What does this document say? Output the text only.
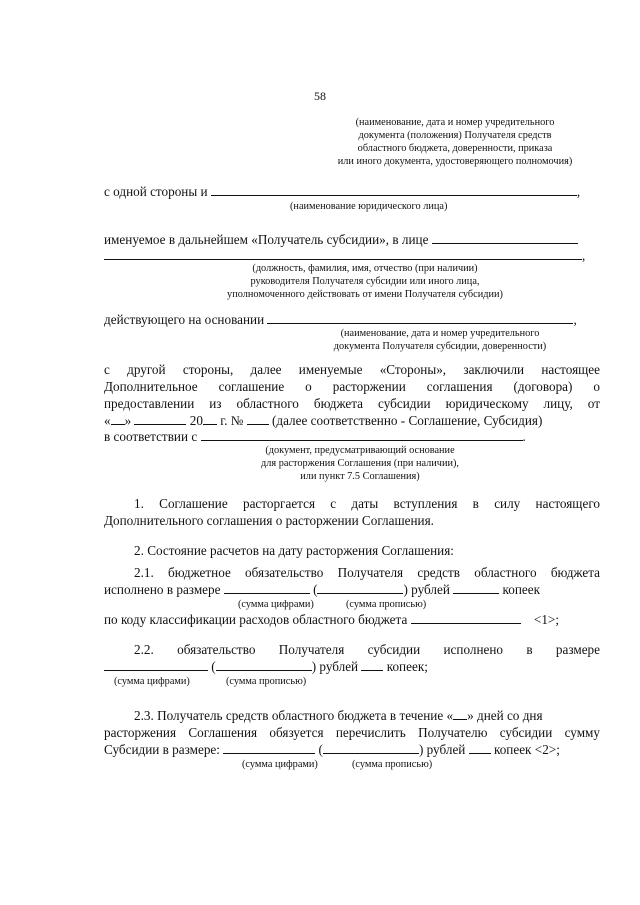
58
(наименование, дата и номер учредительного
документа (положения) Получателя средств
областного бюджета, доверенности, приказа
или иного документа, удостоверяющего полномочия)
с одной стороны и	,
(наименование юридического лица)
именуемое в дальнейшем «Получатель субсидии», в лице
,
(должность, фамилия, имя, отчество (при наличии)
руководителя Получателя субсидии или иного лица,
уполномоченного действовать от имени Получателя субсидии)
действующего на основании	,
(наименование, дата и номер учредительного
документа Получателя субсидии, доверенности)
с другой стороны, далее именуемые «Стороны», заключили настоящее
Дополнительное соглашение о расторжении соглашения (договора) о
предоставлении из областного бюджета субсидии юридическому лицу, от
« »	20 г. № (далее соответственно - Соглашение, Субсидия)
в соответствии с	.
(документ, предусматривающий основание
для расторжения Соглашения (при наличии),
или пункт 7.5 Соглашения)
1. Соглашение расторгается с даты вступления в силу настоящего
Дополнительного соглашения о расторжении Соглашения.
2. Состояние расчетов на дату расторжения Соглашения:
2.1. бюджетное обязательство Получателя средств областного бюджета
исполнено в размере	(	) рублей	копеек
(сумма цифрами)	(сумма прописью)
по коду классификации расходов областного бюджета	<1>;
2.2. обязательство Получателя субсидии исполнено в размере
(	) рублей копеек;
(сумма цифрами)	(сумма прописью)
2.3. Получатель средств областного бюджета в течение « » дней со дня
расторжения Соглашения обязуется перечислить Получателю субсидии сумму
Субсидии в размере:	(	) рублей копеек <2>;
(сумма цифрами)	(сумма прописью)
